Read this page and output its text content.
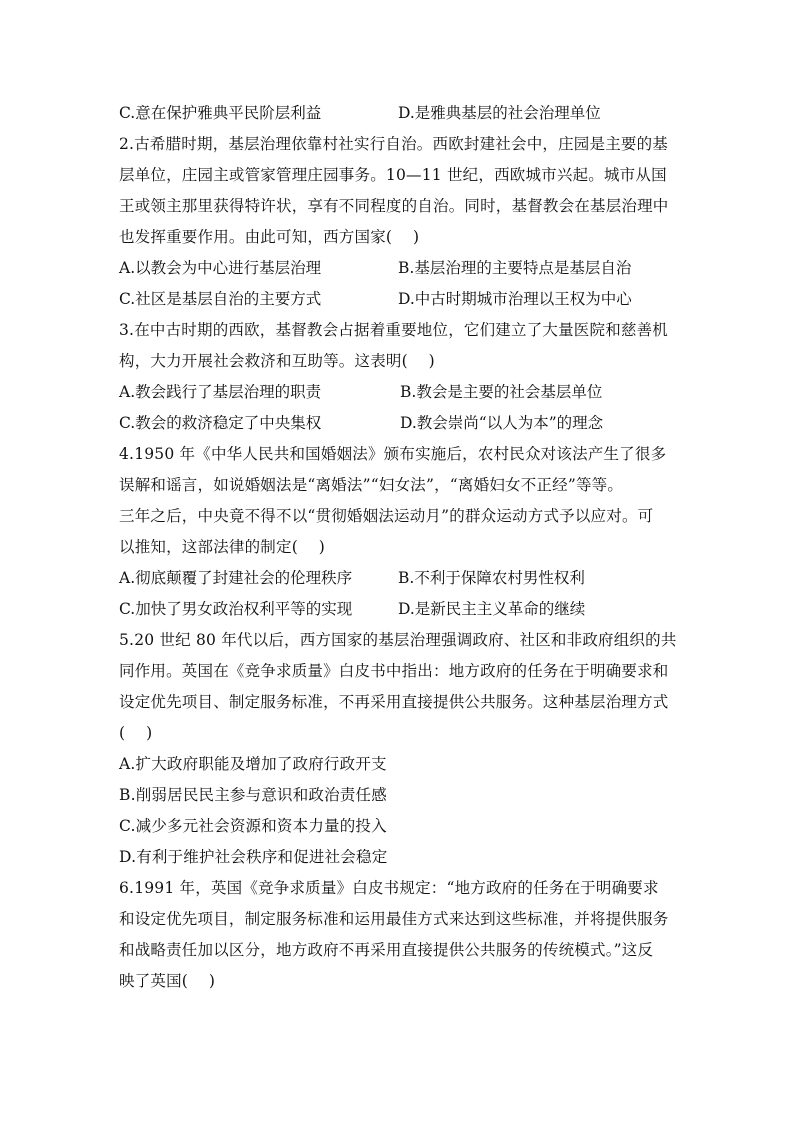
C.意在保护雅典平民阶层利益	D.是雅典基层的社会治理单位
2.古希腊时期，基层治理依靠村社实行自治。西欧封建社会中，庄园是主要的基
层单位，庄园主或管家管理庄园事务。10—11 世纪，西欧城市兴起。城市从国
王或领主那里获得特许状，享有不同程度的自治。同时，基督教会在基层治理中
也发挥重要作用。由此可知，西方国家(　 )
A.以教会为中心进行基层治理	B.基层治理的主要特点是基层自治
C.社区是基层自治的主要方式	D.中古时期城市治理以王权为中心
3.在中古时期的西欧，基督教会占据着重要地位，它们建立了大量医院和慈善机
构，大力开展社会救济和互助等。这表明(　 )
A.教会践行了基层治理的职责	B.教会是主要的社会基层单位
C.教会的救济稳定了中央集权	D.教会崇尚“以人为本”的理念
4.1950 年《中华人民共和国婚姻法》颁布实施后，农村民众对该法产生了很多
误解和谣言，如说婚姻法是“离婚法”“妇女法”，“离婚妇女不正经”等等。
三年之后，中央竟不得不以“贯彻婚姻法运动月”的群众运动方式予以应对。可
以推知，这部法律的制定(　 )
A.彻底颠覆了封建社会的伦理秩序	B.不利于保障农村男性权利
C.加快了男女政治权利平等的实现	D.是新民主主义革命的继续
5.20 世纪 80 年代以后，西方国家的基层治理强调政府、社区和非政府组织的共
同作用。英国在《竞争求质量》白皮书中指出：地方政府的任务在于明确要求和
设定优先项目、制定服务标准，不再采用直接提供公共服务。这种基层治理方式
(　 )
A.扩大政府职能及增加了政府行政开支
B.削弱居民民主参与意识和政治责任感
C.减少多元社会资源和资本力量的投入
D.有利于维护社会秩序和促进社会稳定
6.1991 年，英国《竞争求质量》白皮书规定：“地方政府的任务在于明确要求
和设定优先项目，制定服务标准和运用最佳方式来达到这些标准，并将提供服务
和战略责任加以区分，地方政府不再采用直接提供公共服务的传统模式。”这反
映了英国(　 )
